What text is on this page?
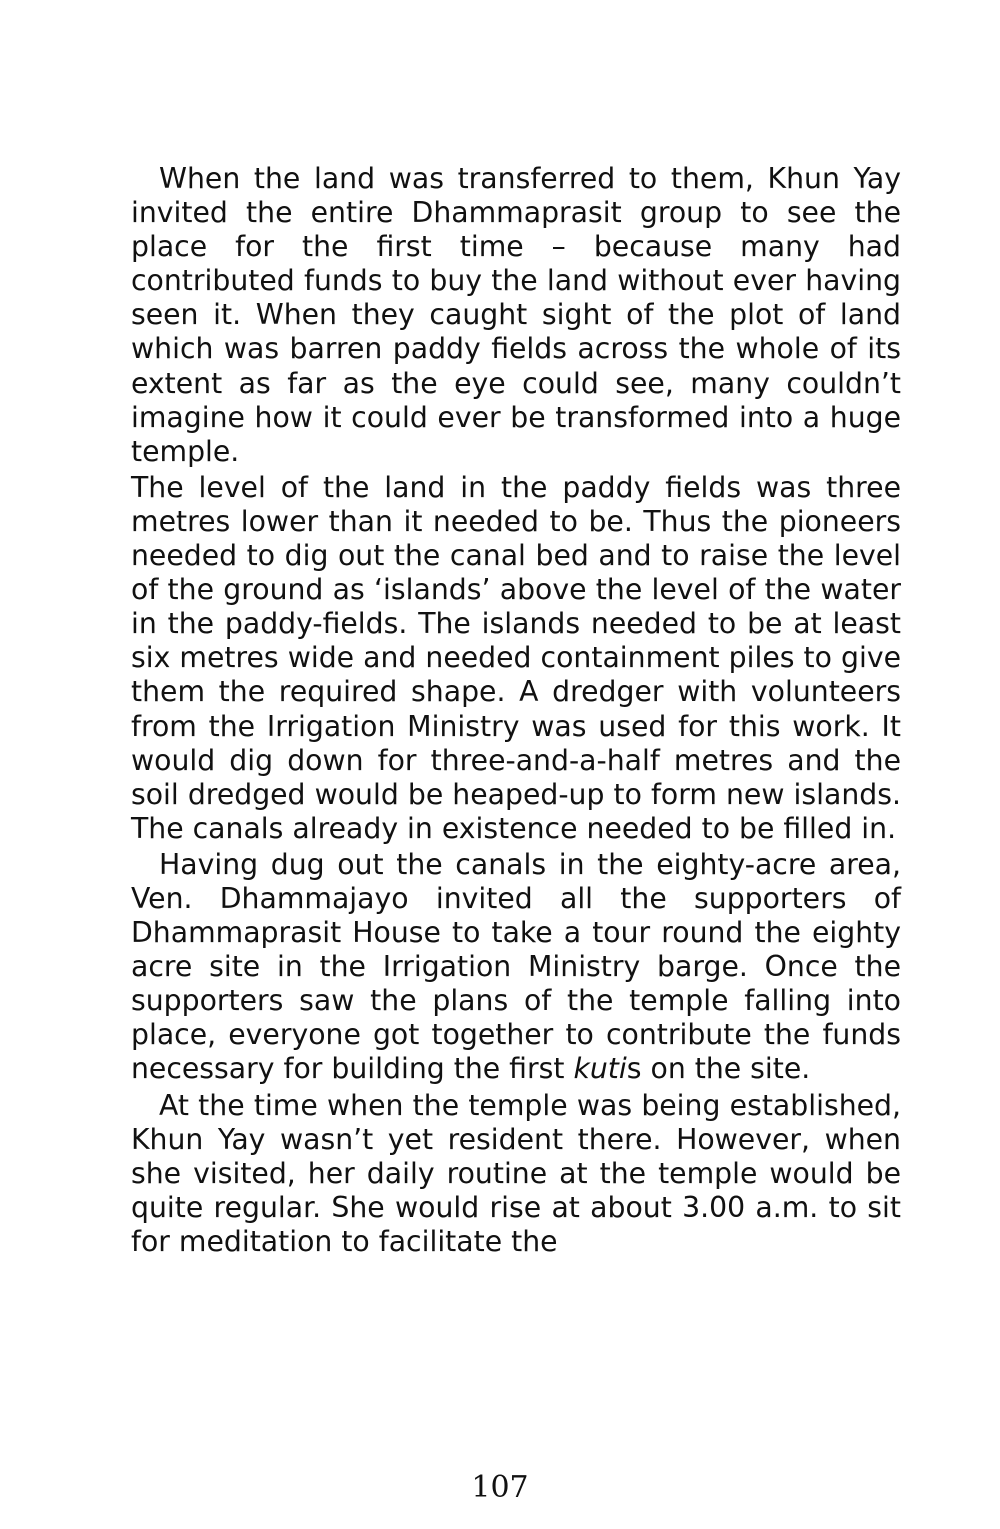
When the land was transferred to them, Khun Yay invited the entire Dhammaprasit group to see the place for the first time – because many had contributed funds to buy the land without ever having seen it. When they caught sight of the plot of land which was barren paddy fields across the whole of its extent as far as the eye could see, many couldn’t imagine how it could ever be transformed into a huge temple.

The level of the land in the paddy fields was three metres lower than it needed to be. Thus the pioneers needed to dig out the canal bed and to raise the level of the ground as ‘islands’ above the level of the water in the paddy-fields. The islands needed to be at least six metres wide and needed containment piles to give them the required shape. A dredger with volunteers from the Irrigation Ministry was used for this work. It would dig down for three-and-a-half metres and the soil dredged would be heaped-up to form new islands. The canals already in existence needed to be filled in.

Having dug out the canals in the eighty-acre area, Ven. Dhammajayo invited all the supporters of Dhammaprasit House to take a tour round the eighty acre site in the Irrigation Ministry barge. Once the supporters saw the plans of the temple falling into place, everyone got together to contribute the funds necessary for building the first kutis on the site.

At the time when the temple was being established, Khun Yay wasn’t yet resident there. However, when she visited, her daily routine at the temple would be quite regular. She would rise at about 3.00 a.m. to sit for meditation to facilitate the

107
